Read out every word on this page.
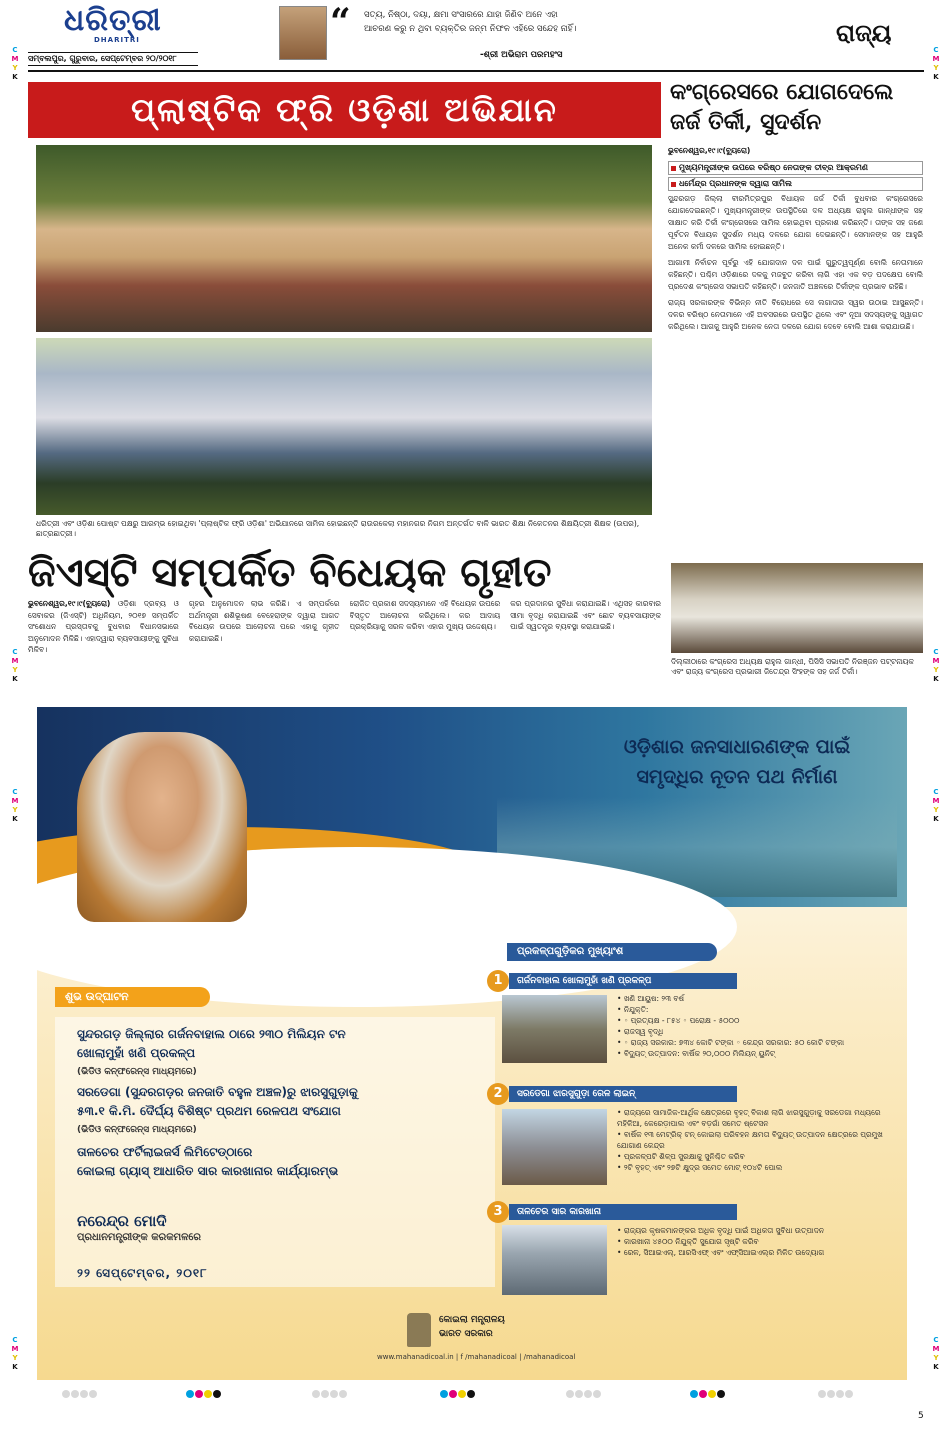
C
M
Y
K
C
M
Y
K
C
M
Y
K
C
M
Y
K
C
M
Y
K
C
M
Y
K
C
M
Y
K
C
M
Y
K
ଧରିତ୍ରୀ
DHARITRI
ସମ୍ବଲପୁର, ଗୁରୁବାର, ସେପ୍ଟେମ୍ବର ୨୦/୨୦୧୮
“ ସତ୍ୟ, ନିଷ୍ଠା, ଦୟା, କ୍ଷମା ସଂସାରରେ ଯାହା ଜିଣିବ ଅନେ ଏହା
ଆଚରଣ କରୁ ନ ଥିବା ବ୍ୟକ୍ତିର ଜନ୍ମ ନିଫଳ ଏହିରେ ସନ୍ଦେହ ନାହିଁ।
-ଶ୍ରୀ ଅଭିରାମ ପରମହଂସ
ରାଜ୍ୟ
ପ୍ଲାଷ୍ଟିକ ଫ୍ରି ଓଡ଼ିଶା ଅଭିଯାନ
ଧରିତ୍ରୀ ଏବଂ ଓଡ଼ିଶା ପୋଷ୍ଟ ପକ୍ଷରୁ ଆରମ୍ଭ ହୋଇଥିବା 'ପ୍ଲାଷ୍ଟିକ ଫ୍ରି ଓଡ଼ିଶା' ଅଭିଯାନରେ ସାମିଲ ହୋଇଛନ୍ତି ରାଉରକେଲା ମହାନଗର ନିଗମ ଅନ୍ତର୍ଗତ ବାଳି ଭାରତ ଶିକ୍ଷା ନିକେତନର ଶିକ୍ଷୟିତ୍ରୀ ଶିକ୍ଷକ (ଉପର), ଛାତ୍ରଛାତ୍ରୀ।
କଂଗ୍ରେସରେ ଯୋଗଦେଲେ
ଜର୍ଜ ତିର୍କୀ, ସୁଦର୍ଶନ

ଭୁବନେଶ୍ୱର,୧୯।୯(ବ୍ୟୁରୋ)

ମୁଖ୍ୟମନ୍ତ୍ରୀଙ୍କ ଉପରେ ବରିଷ୍ଠ ନେତାଙ୍କ ତୀବ୍ର ଆକ୍ରମଣ
ଧର୍ମେନ୍ଦ୍ର ପ୍ରଧାନଙ୍କ ଦ୍ୱାରା ସାମିଲ

ସୁନ୍ଦରଗଡ଼ ଜିଲ୍ଲା ବୀରମିତ୍ରପୁର ବିଧାୟକ ଜର୍ଜ ତିର୍କୀ ବୁଧବାର କଂଗ୍ରେସରେ ଯୋଗଦେଇଛନ୍ତି। ମୁଖ୍ୟମନ୍ତ୍ରୀଙ୍କ ଉପସ୍ଥିତିରେ ଦଳ ଅଧ୍ୟକ୍ଷ ରାହୁଲ ଗାନ୍ଧୀଙ୍କ ସହ ସାକ୍ଷାତ କରି ତିର୍କୀ କଂଗ୍ରେସରେ ସାମିଲ ହୋଇଥିବା ପ୍ରକାଶ କରିଛନ୍ତି। ତାଙ୍କ ସହ ଜଣେ ପୂର୍ବତନ ବିଧାୟକ ସୁଦର୍ଶନ ମଧ୍ୟ ଦଳରେ ଯୋଗ ଦେଇଛନ୍ତି। ସେମାନଙ୍କ ସହ ଆହୁରି ଅନେକ କର୍ମୀ ଦଳରେ ସାମିଲ ହୋଇଛନ୍ତି।

ଆଗାମୀ ନିର୍ବାଚନ ପୂର୍ବରୁ ଏହି ଯୋଗଦାନ ଦଳ ପାଇଁ ଗୁରୁତ୍ୱପୂର୍ଣ୍ଣ ବୋଲି ନେତାମାନେ କହିଛନ୍ତି। ପଶ୍ଚିମ ଓଡ଼ିଶାରେ ଦଳକୁ ମଜବୁତ କରିବା ଲାଗି ଏହା ଏକ ବଡ଼ ପଦକ୍ଷେପ ବୋଲି ପ୍ରଦେଶ କଂଗ୍ରେସ ସଭାପତି କହିଛନ୍ତି। ଜନଜାତି ଅଞ୍ଚଳରେ ତିର୍କୀଙ୍କ ପ୍ରଭାବ ରହିଛି।

ରାଜ୍ୟ ସରକାରଙ୍କ ବିଭିନ୍ନ ନୀତି ବିରୋଧରେ ସେ ଲଗାତାର ସ୍ୱର ଉଠାଇ ଆସୁଛନ୍ତି। ଦଳର ବରିଷ୍ଠ ନେତାମାନେ ଏହି ଅବସରରେ ଉପସ୍ଥିତ ଥିଲେ ଏବଂ ନୂଆ ସଦସ୍ୟଙ୍କୁ ସ୍ୱାଗତ କରିଥିଲେ। ଆଗକୁ ଆହୁରି ଅନେକ ନେତା ଦଳରେ ଯୋଗ ଦେବେ ବୋଲି ଆଶା କରାଯାଉଛି।

ଦିଲ୍ଲୀଠାରେ କଂଗ୍ରେସ ଅଧ୍ୟକ୍ଷ ରାହୁଲ ଗାନ୍ଧୀ, ପିସିସି ସଭାପତି ନିରଞ୍ଜନ ପଟ୍ଟନାୟକ ଏବଂ ରାଜ୍ୟ କଂଗ୍ରେସ ପ୍ରଭାରୀ ଜିତେନ୍ଦ୍ର ସିଂହଙ୍କ ସହ ଜର୍ଜ ତିର୍କୀ।
ଜିଏସ୍‌ଟି ସମ୍ପର୍କିତ ବିଧେୟକ ଗୃହୀତ
ଭୁବନେଶ୍ୱର,୧୯।୯(ବ୍ୟୁରୋ) ଓଡ଼ିଶା ଦ୍ରବ୍ୟ ଓ ସେବାକର (ଜିଏସ୍‌ଟି) ଅଧିନିୟମ, ୨୦୧୭ ସମ୍ପର୍କିତ ସଂଶୋଧନ ପ୍ରସ୍ତାବକୁ ବୁଧବାର ବିଧାନସଭାରେ ଅନୁମୋଦନ ମିଳିଛି। ଏହାଦ୍ୱାରା ବ୍ୟବସାୟୀଙ୍କୁ ସୁବିଧା ମିଳିବ।
ଗୃହର ଅନୁମୋଦନ ଲାଭ କରିଛି। ଏ ସମ୍ପର୍କରେ ଅର୍ଥମନ୍ତ୍ରୀ ଶଶିଭୂଷଣ ବେହେରାଙ୍କ ଦ୍ୱାରା ଆଗତ ବିଧେୟକ ଉପରେ ଆଲୋଚନା ପରେ ଏହାକୁ ଗୃହୀତ କରାଯାଇଛି।
ରୋଜିତ ପ୍ରକାଶ ସଦସ୍ୟମାନେ ଏହି ବିଧେୟକ ଉପରେ ବିସ୍ତୃତ ଆଲୋଚନା କରିଥିଲେ। କର ଆଦାୟ ପ୍ରକ୍ରିୟାକୁ ସରଳ କରିବା ଏହାର ମୁଖ୍ୟ ଉଦ୍ଦେଶ୍ୟ।
କର ପ୍ରଦାନର ସୁବିଧା କରାଯାଇଛି। ଏଥିସହ କାରବାର ସୀମା ବୃଦ୍ଧି କରାଯାଇଛି ଏବଂ ଛୋଟ ବ୍ୟବସାୟୀଙ୍କ ପାଇଁ ସ୍ୱତନ୍ତ୍ର ବ୍ୟବସ୍ଥା କରାଯାଇଛି।
ଓଡ଼ିଶାର ଜନସାଧାରଣଙ୍କ ପାଇଁ
ସମୃଦ୍ଧିର ନୂତନ ପଥ ନିର୍ମାଣ
ଶୁଭ ଉଦ୍‌ଘାଟନ
ସୁନ୍ଦରଗଡ଼ ଜିଲ୍ଲାର ଗର୍ଜନବାହାଲ ଠାରେ ୨୩୦ ମିଲିୟନ ଟନ
ଖୋଲାମୁହାଁ ଖଣି ପ୍ରକଳ୍ପ
(ଭିଡିଓ କନ୍‌ଫରେନ୍ସ ମାଧ୍ୟମରେ)
ସରଡେଗା (ସୁନ୍ଦରଗଡ଼ର ଜନଜାତି ବହୁଳ ଅଞ୍ଚଳ)ରୁ ଝାରସୁଗୁଡ଼ାକୁ
୫୩.୧ କି.ମି. ଦୈର୍ଘ୍ୟ ବିଶିଷ୍ଟ ପ୍ରଥମ ରେଳପଥ ସଂଯୋଗ
(ଭିଡିଓ କନ୍‌ଫରେନ୍ସ ମାଧ୍ୟମରେ)
ତାଳଚେର ଫର୍ଟିଲାଇଜର୍ସ ଲିମିଟେଡ୍‌ଠାରେ
କୋଇଲା ଗ୍ୟାସ୍ ଆଧାରିତ ସାର କାରଖାନାର କାର୍ଯ୍ୟାରମ୍ଭ
ନରେନ୍ଦ୍ର ମୋଦି
ପ୍ରଧାନମନ୍ତ୍ରୀଙ୍କ କରକମଳରେ
୨୨ ସେପ୍ଟେମ୍ବର, ୨୦୧୮
ପ୍ରକଳ୍ପଗୁଡ଼ିକର ମୁଖ୍ୟାଂଶ
1	ଗର୍ଜନବାହାଲ ଖୋଲାମୁହାଁ ଖଣି ପ୍ରକଳ୍ପ
• ଖଣି ଆୟୁଷ: ୨୩ ବର୍ଷ
• ନିଯୁକ୍ତି:
• ◦ ପ୍ରତ୍ୟକ୍ଷ - ୮୫୪ ◦ ପରୋକ୍ଷ - ୫୦୦୦
• ରାଜସ୍ୱ ବୃଦ୍ଧି
• ◦ ରାଜ୍ୟ ସରକାର: ୭୩୪ କୋଟି ଟଙ୍କା ◦ କେନ୍ଦ୍ର ସରକାର: ୫୦ କୋଟି ଟଙ୍କା
• ବିଦ୍ୟୁତ୍ ଉତ୍ପାଦନ: ବାର୍ଷିକ ୨୦,୦୦୦ ମିଲିୟନ୍ ୟୁନିଟ୍
2	ସରଡେଗା ଝାରସୁଗୁଡ଼ା ରେଳ ଲାଇନ୍
• ରାଜ୍ୟରେ ସାମାଜିକ-ଆର୍ଥିକ କ୍ଷେତ୍ରରେ ବୃହତ୍ ବିକାଶ ଲାଗି ଝାରସୁଗୁଡ଼ାକୁ ସରଡେଗା ମଧ୍ୟରେ ମହିଳିଆ, କେରେଡ଼ାପାଲ ଏବଂ ବଡ଼ଗାଁ ସମେତ ଷ୍ଟେସନ
• ବାର୍ଷିକ ୧୩ ମେଟ୍ରିକ୍ ଟନ୍ କୋଇଲା ପରିବହନ କ୍ଷମତା ବିଦ୍ୟୁତ୍ ଉତ୍ପାଦନ କ୍ଷେତ୍ରରେ ପ୍ରମୁଖ ଯୋଗାଣ କେନ୍ଦ୍ର
• ପ୍ରକଳ୍ପଟି ଶିଳ୍ପ ସୁରକ୍ଷାକୁ ସୁନିଶ୍ଚିତ କରିବ
• ୨ଟି ବୃହତ୍ ଏବଂ ୨୭ଟି କ୍ଷୁଦ୍ର ସମେତ ମୋଟ୍ ୧୦୪ଟି ପୋଲ
3	ତାଳଚେର ସାର କାରଖାନା
• ରାଜ୍ୟର କୃଷକମାନଙ୍କର ଅଧିକ ବୃଦ୍ଧି ପାଇଁ ଅଧିକତା ସୁବିଧା ଉତ୍ପାଦନ
• କାରଖାନା ୪୫୦୦ ନିଯୁକ୍ତି ସୁଯୋଗ ସୃଷ୍ଟି କରିବ
• ରେଳ, ସିଆଇଏଲ୍, ଆରସିଏଫ୍ ଏବଂ ଏଫ୍‌ସିଆଇଏଲ୍‌ର ମିଳିତ ଉଦ୍ୟୋଗ
କୋଇଲା ମନ୍ତ୍ରାଳୟ
ଭାରତ ସରକାର
www.mahanadicoal.in | f /mahanadicoal | /mahanadicoal
5
